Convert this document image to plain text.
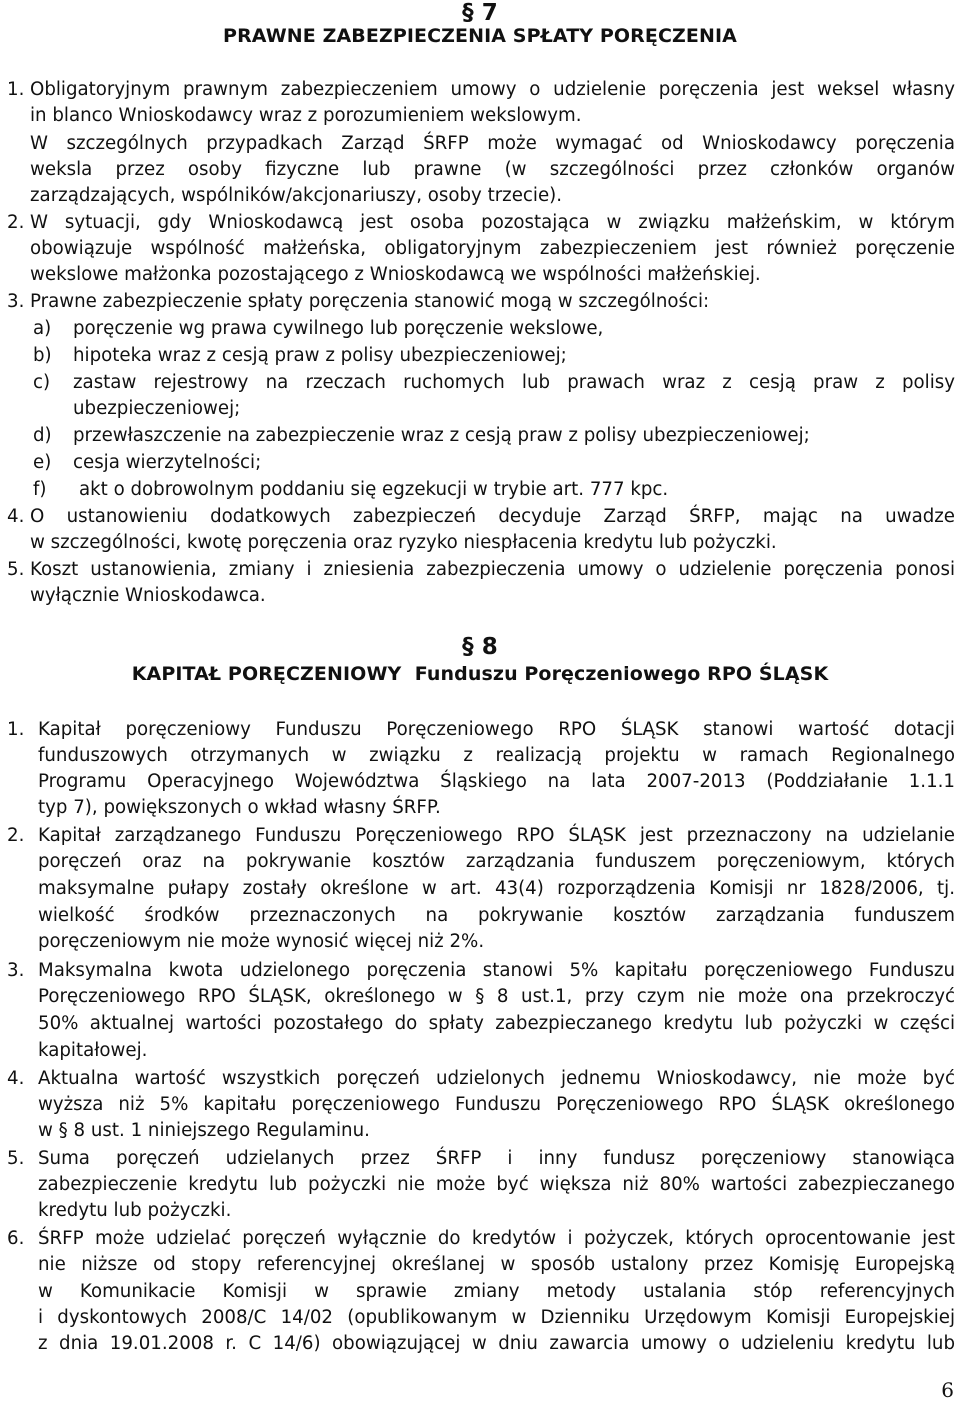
§ 7
PRAWNE ZABEZPIECZENIA SPŁATY PORĘCZENIA
1. Obligatoryjnym prawnym zabezpieczeniem umowy o udzielenie poręczenia jest weksel własny
in blanco Wnioskodawcy wraz z porozumieniem wekslowym.
W szczególnych przypadkach Zarząd ŚRFP może wymagać od Wnioskodawcy poręczenia
weksla przez osoby fizyczne lub prawne (w szczególności przez członków organów
zarządzających, wspólników/akcjonariuszy, osoby trzecie).
2. W sytuacji, gdy Wnioskodawcą jest osoba pozostająca w związku małżeńskim, w którym
obowiązuje wspólność małżeńska, obligatoryjnym zabezpieczeniem jest również poręczenie
wekslowe małżonka pozostającego z Wnioskodawcą we wspólności małżeńskiej.
3. Prawne zabezpieczenie spłaty poręczenia stanowić mogą w szczególności:
a) poręczenie wg prawa cywilnego lub poręczenie wekslowe,
b) hipoteka wraz z cesją praw z polisy ubezpieczeniowej;
c) zastaw rejestrowy na rzeczach ruchomych lub prawach wraz z cesją praw z polisy
ubezpieczeniowej;
d) przewłaszczenie na zabezpieczenie wraz z cesją praw z polisy ubezpieczeniowej;
e) cesja wierzytelności;
f) akt o dobrowolnym poddaniu się egzekucji w trybie art. 777 kpc.
4. O ustanowieniu dodatkowych zabezpieczeń decyduje Zarząd ŚRFP, mając na uwadze
w szczególności, kwotę poręczenia oraz ryzyko niespłacenia kredytu lub pożyczki.
5. Koszt ustanowienia, zmiany i zniesienia zabezpieczenia umowy o udzielenie poręczenia ponosi
wyłącznie Wnioskodawca.
§ 8
KAPITAŁ PORĘCZENIOWY  Funduszu Poręczeniowego RPO ŚLĄSK
1. Kapitał poręczeniowy Funduszu Poręczeniowego RPO ŚLĄSK stanowi wartość dotacji
funduszowych otrzymanych w związku z realizacją projektu w ramach Regionalnego
Programu Operacyjnego Województwa Śląskiego na lata 2007-2013 (Poddziałanie 1.1.1
typ 7), powiększonych o wkład własny ŚRFP.
2. Kapitał zarządzanego Funduszu Poręczeniowego RPO ŚLĄSK jest przeznaczony na udzielanie
poręczeń oraz na pokrywanie kosztów zarządzania funduszem poręczeniowym, których
maksymalne pułapy zostały określone w art. 43(4) rozporządzenia Komisji nr 1828/2006, tj.
wielkość środków przeznaczonych na pokrywanie kosztów zarządzania funduszem
poręczeniowym nie może wynosić więcej niż 2%.
3. Maksymalna kwota udzielonego poręczenia stanowi 5% kapitału poręczeniowego Funduszu
Poręczeniowego RPO ŚLĄSK, określonego w § 8 ust.1, przy czym nie może ona przekroczyć
50% aktualnej wartości pozostałego do spłaty zabezpieczanego kredytu lub pożyczki w części
kapitałowej.
4. Aktualna wartość wszystkich poręczeń udzielonych jednemu Wnioskodawcy, nie może być
wyższa niż 5% kapitału poręczeniowego Funduszu Poręczeniowego RPO ŚLĄSK określonego
w § 8 ust. 1 niniejszego Regulaminu.
5. Suma poręczeń udzielanych przez ŚRFP i inny fundusz poręczeniowy stanowiąca
zabezpieczenie kredytu lub pożyczki nie może być większa niż 80% wartości zabezpieczanego
kredytu lub pożyczki.
6. ŚRFP może udzielać poręczeń wyłącznie do kredytów i pożyczek, których oprocentowanie jest
nie niższe od stopy referencyjnej określanej w sposób ustalony przez Komisję Europejską
w Komunikacie Komisji w sprawie zmiany metody ustalania stóp referencyjnych
i dyskontowych 2008/C 14/02 (opublikowanym w Dzienniku Urzędowym Komisji Europejskiej
z dnia 19.01.2008 r. C 14/6) obowiązującej w dniu zawarcia umowy o udzieleniu kredytu lub
6
